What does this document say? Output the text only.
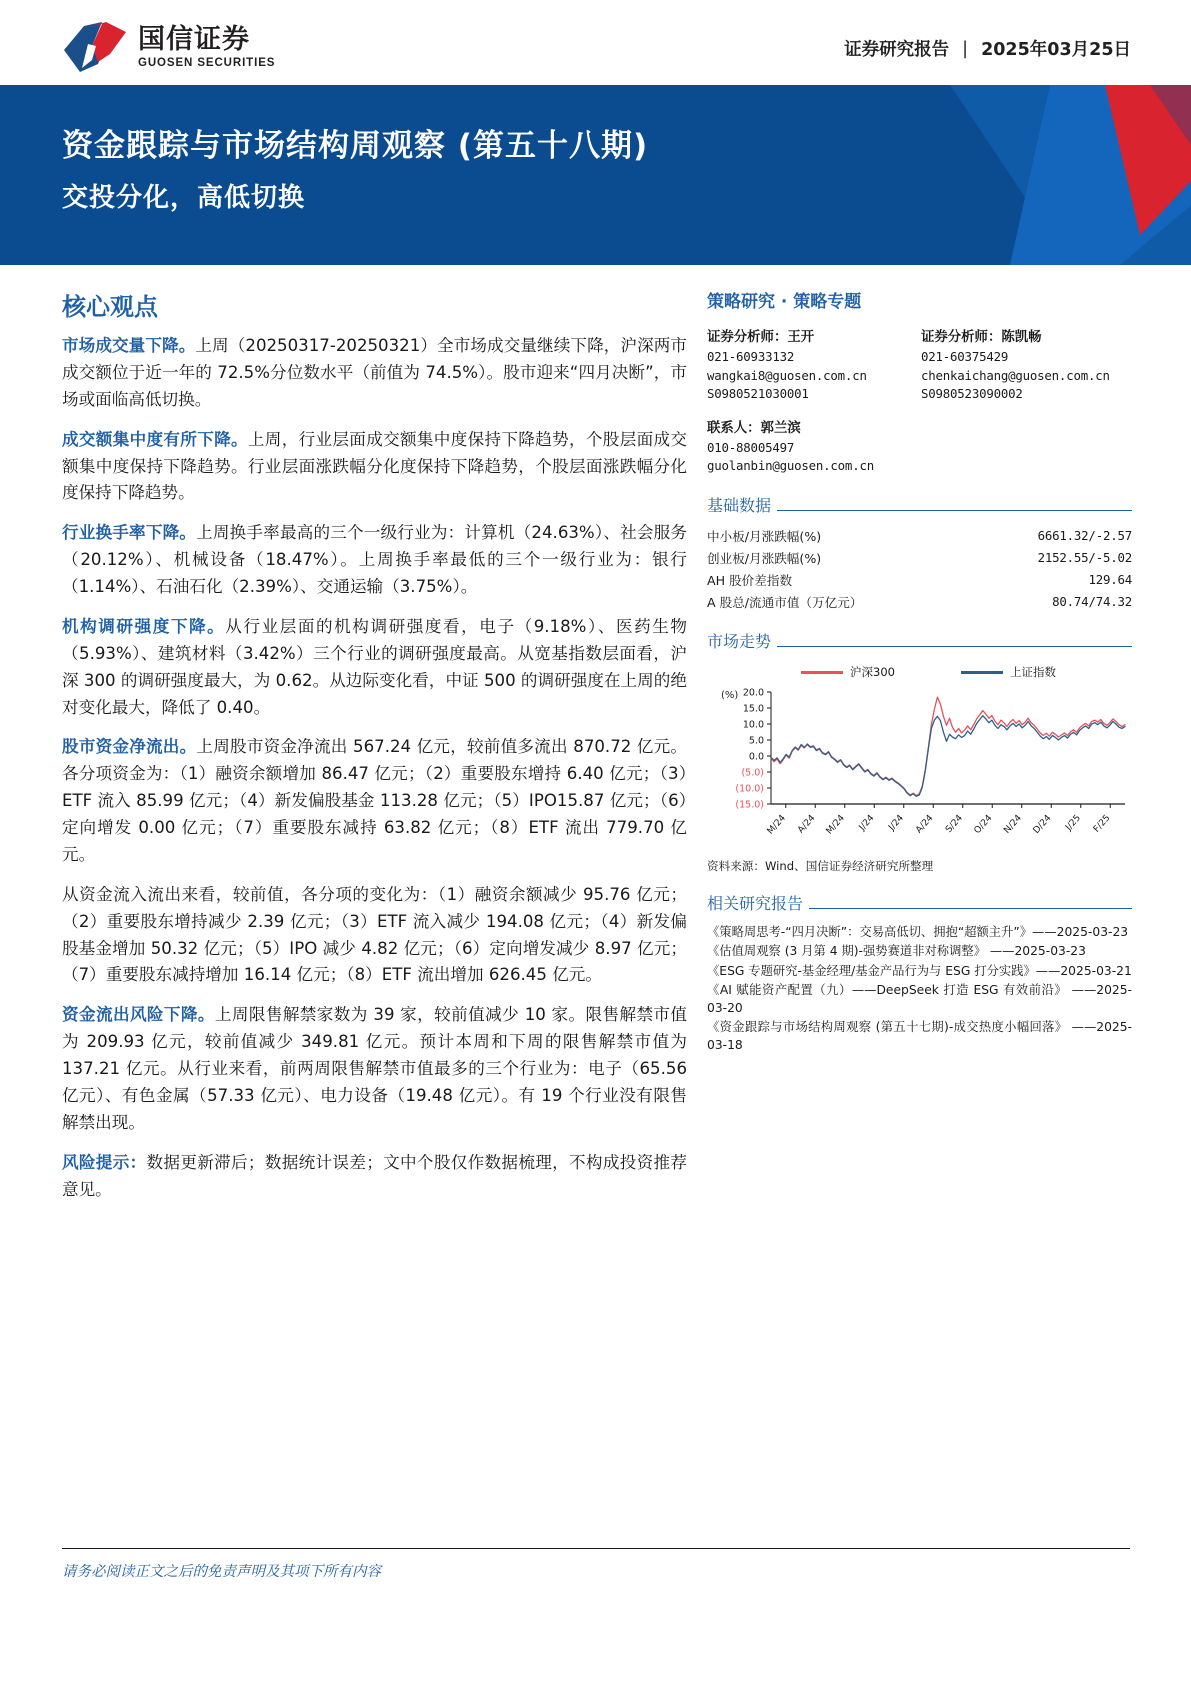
国信证券
GUOSEN SECURITIES
证券研究报告 | 2025年03月25日
资金跟踪与市场结构周观察 (第五十八期)
交投分化，高低切换
核心观点

市场成交量下降。上周（20250317-20250321）全市场成交量继续下降，沪深两市成交额位于近一年的 72.5%分位数水平（前值为 74.5%）。股市迎来“四月决断”，市场或面临高低切换。

成交额集中度有所下降。上周，行业层面成交额集中度保持下降趋势，个股层面成交额集中度保持下降趋势。行业层面涨跌幅分化度保持下降趋势，个股层面涨跌幅分化度保持下降趋势。

行业换手率下降。上周换手率最高的三个一级行业为：计算机（24.63%）、社会服务（20.12%）、机械设备（18.47%）。上周换手率最低的三个一级行业为：银行（1.14%）、石油石化（2.39%）、交通运输（3.75%）。

机构调研强度下降。从行业层面的机构调研强度看，电子（9.18%）、医药生物（5.93%）、建筑材料（3.42%）三个行业的调研强度最高。从宽基指数层面看，沪深 300 的调研强度最大，为 0.62。从边际变化看，中证 500 的调研强度在上周的绝对变化最大，降低了 0.40。

股市资金净流出。上周股市资金净流出 567.24 亿元，较前值多流出 870.72 亿元。各分项资金为：（1）融资余额增加 86.47 亿元；（2）重要股东增持 6.40 亿元；（3）ETF 流入 85.99 亿元；（4）新发偏股基金 113.28 亿元；（5）IPO15.87 亿元；（6）定向增发 0.00 亿元；（7）重要股东减持 63.82 亿元；（8）ETF 流出 779.70 亿元。

从资金流入流出来看，较前值，各分项的变化为：（1）融资余额减少 95.76 亿元；（2）重要股东增持减少 2.39 亿元；（3）ETF 流入减少 194.08 亿元；（4）新发偏股基金增加 50.32 亿元；（5）IPO 减少 4.82 亿元；（6）定向增发减少 8.97 亿元；（7）重要股东减持增加 16.14 亿元；（8）ETF 流出增加 626.45 亿元。

资金流出风险下降。上周限售解禁家数为 39 家，较前值减少 10 家。限售解禁市值为 209.93 亿元，较前值减少 349.81 亿元。预计本周和下周的限售解禁市值为 137.21 亿元。从行业来看，前两周限售解禁市值最多的三个行业为：电子（65.56 亿元）、有色金属（57.33 亿元）、电力设备（19.48 亿元）。有 19 个行业没有限售解禁出现。

风险提示：数据更新滞后；数据统计误差；文中个股仅作数据梳理，不构成投资推荐意见。

策略研究 · 策略专题
证券分析师：王开
021-60933132
wangkai8@guosen.com.cn
S0980521030001
证券分析师：陈凯畅
021-60375429
chenkaichang@guosen.com.cn
S0980523090002
联系人：郭兰滨
010-88005497
guolanbin@guosen.com.cn
基础数据
中小板/月涨跌幅(%)	6661.32/-2.57
创业板/月涨跌幅(%)	2152.55/-5.02
AH 股价差指数	129.64
A 股总/流通市值（万亿元）	80.74/74.32
市场走势
沪深300	上证指数
(%) 20.0
15.0
10.0
5.0
0.0
(5.0)
(10.0)
(15.0)
M/24 A/24 M/24 J/24 J/24 A/24 S/24 O/24 N/24 D/24 J/25 F/25
资料来源：Wind、国信证券经济研究所整理
相关研究报告
《策略周思考-“四月决断”：交易高低切、拥抱“超额主升”》——2025-03-23
《估值周观察 (3 月第 4 期)-强势赛道非对称调整》 ——2025-03-23
《ESG 专题研究-基金经理/基金产品行为与 ESG 打分实践》——2025-03-21
《AI 赋能资产配置（九）——DeepSeek 打造 ESG 有效前沿》 ——2025-03-20
《资金跟踪与市场结构周观察 (第五十七期)-成交热度小幅回落》 ——2025-03-18
请务必阅读正文之后的免责声明及其项下所有内容
